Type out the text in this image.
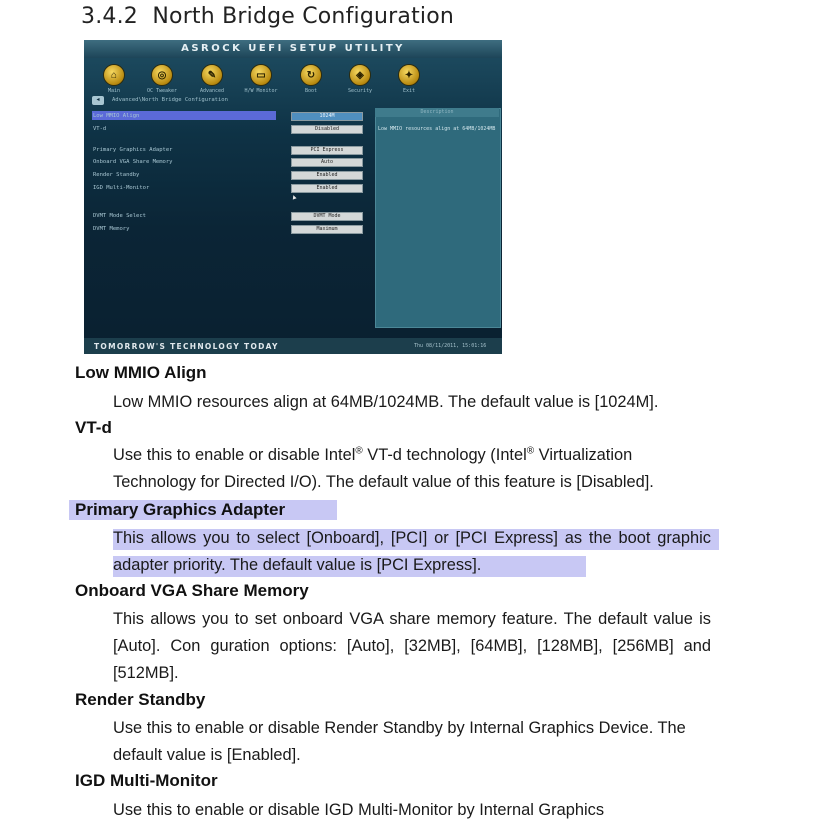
3.4.2 North Bridge Configuration
ASROCK UEFI SETUP UTILITY
⌂
Main
◎
OC Tweaker
✎
Advanced
▭
H/W Monitor
↻
Boot
◈
Security
✦
Exit
◂	Advanced\North Bridge Configuration
Low MMIO Align
VT-d
Primary Graphics Adapter
Onboard VGA Share Memory
Render Standby
IGD Multi-Monitor
DVMT Mode Select
DVMT Memory
1024M
Disabled
PCI Express
Auto
Enabled
Enabled
DVMT Mode
Maximum
Description
Low MMIO resources align at 64MB/1024MB
TOMORROW'S TECHNOLOGY TODAY	Thu 08/11/2011, 15:01:16
Low MMIO Align
Low MMIO resources align at 64MB/1024MB. The default value is [1024M].
VT-d
Use this to enable or disable Intel® VT-d technology (Intel® Virtualization Technology for Directed I/O). The default value of this feature is [Disabled].
Primary Graphics Adapter
This allows you to select [Onboard], [PCI] or [PCI Express] as the boot graphic adapter priority. The default value is [PCI Express].
Onboard VGA Share Memory
This allows you to set onboard VGA share memory feature. The default value is [Auto]. Con guration options: [Auto], [32MB], [64MB], [128MB], [256MB] and [512MB].
Render Standby
Use this to enable or disable Render Standby by Internal Graphics Device. The default value is [Enabled].
IGD Multi-Monitor
Use this to enable or disable IGD Multi-Monitor by Internal Graphics
